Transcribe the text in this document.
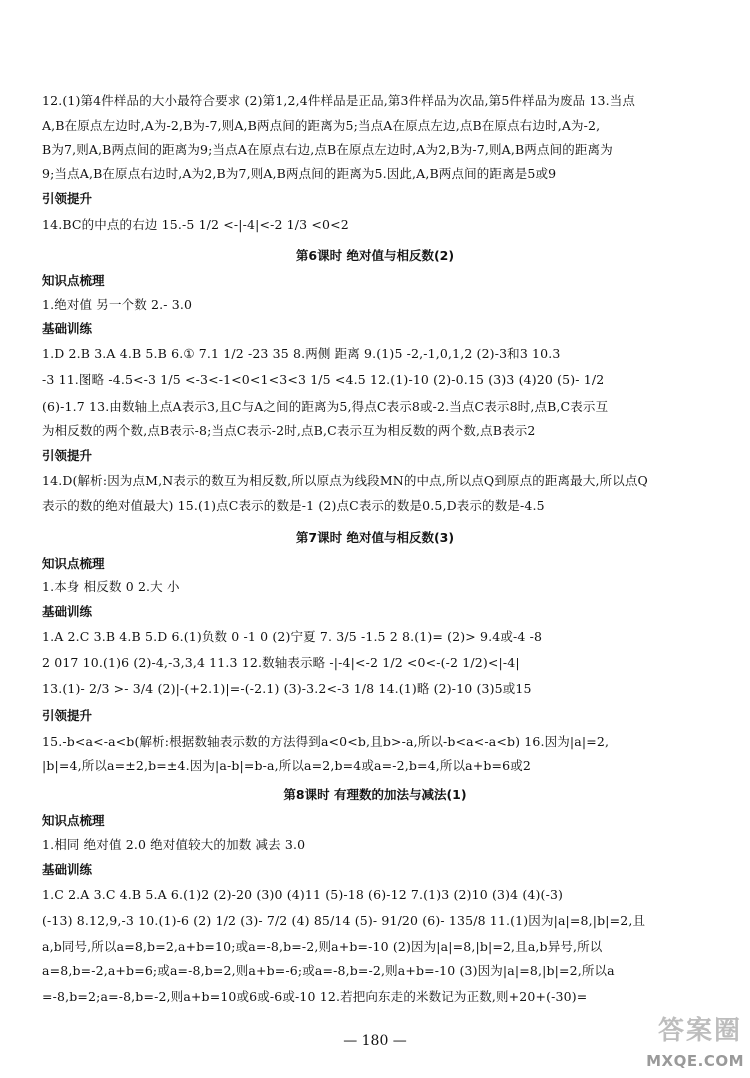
12.(1)第4件样品的大小最符合要求 (2)第1,2,4件样品是正品,第3件样品为次品,第5件样品为废品 13.当点
A,B在原点左边时,A为-2,B为-7,则A,B两点间的距离为5;当点A在原点左边,点B在原点右边时,A为-2,
B为7,则A,B两点间的距离为9;当点A在原点右边,点B在原点左边时,A为2,B为-7,则A,B两点间的距离为
9;当点A,B在原点右边时,A为2,B为7,则A,B两点间的距离为5.因此,A,B两点间的距离是5或9
引领提升
14.BC的中点的右边 15.-5 1/2 <-|-4|<-2 1/3 <0<2
第6课时 绝对值与相反数(2)
知识点梳理
1.绝对值 另一个数 2.- 3.0
基础训练
1.D 2.B 3.A 4.B 5.B 6.① 7.1 1/2 -23 35 8.两侧 距离 9.(1)5 -2,-1,0,1,2 (2)-3和3 10.3
-3 11.图略 -4.5<-3 1/5 <-3<-1<0<1<3<3 1/5 <4.5 12.(1)-10 (2)-0.15 (3)3 (4)20 (5)- 1/2
(6)-1.7 13.由数轴上点A表示3,且C与A之间的距离为5,得点C表示8或-2.当点C表示8时,点B,C表示互
为相反数的两个数,点B表示-8;当点C表示-2时,点B,C表示互为相反数的两个数,点B表示2
引领提升
14.D(解析:因为点M,N表示的数互为相反数,所以原点为线段MN的中点,所以点Q到原点的距离最大,所以点Q
表示的数的绝对值最大) 15.(1)点C表示的数是-1 (2)点C表示的数是0.5,D表示的数是-4.5
第7课时 绝对值与相反数(3)
知识点梳理
1.本身 相反数 0 2.大 小
基础训练
1.A 2.C 3.B 4.B 5.D 6.(1)负数 0 -1 0 (2)宁夏 7. 3/5 -1.5 2 8.(1)= (2)> 9.4或-4 -8
2 017 10.(1)6 (2)-4,-3,3,4 11.3 12.数轴表示略 -|-4|<-2 1/2 <0<-(-2 1/2)<|-4|
13.(1)- 2/3 >- 3/4 (2)|-(+2.1)|=-(-2.1) (3)-3.2<-3 1/8 14.(1)略 (2)-10 (3)5或15
引领提升
15.-b<a<-a<b(解析:根据数轴表示数的方法得到a<0<b,且b>-a,所以-b<a<-a<b) 16.因为|a|=2,
|b|=4,所以a=±2,b=±4.因为|a-b|=b-a,所以a=2,b=4或a=-2,b=4,所以a+b=6或2
第8课时 有理数的加法与减法(1)
知识点梳理
1.相同 绝对值 2.0 绝对值较大的加数 减去 3.0
基础训练
1.C 2.A 3.C 4.B 5.A 6.(1)2 (2)-20 (3)0 (4)11 (5)-18 (6)-12 7.(1)3 (2)10 (3)4 (4)(-3)
(-13) 8.12,9,-3 10.(1)-6 (2) 1/2 (3)- 7/2 (4) 85/14 (5)- 91/20 (6)- 135/8 11.(1)因为|a|=8,|b|=2,且
a,b同号,所以a=8,b=2,a+b=10;或a=-8,b=-2,则a+b=-10 (2)因为|a|=8,|b|=2,且a,b异号,所以
a=8,b=-2,a+b=6;或a=-8,b=2,则a+b=-6;或a=-8,b=-2,则a+b=-10 (3)因为|a|=8,|b|=2,所以a
=-8,b=2;a=-8,b=-2,则a+b=10或6或-6或-10 12.若把向东走的米数记为正数,则+20+(-30)=
— 180 —	答案圈
MXQE.COM
